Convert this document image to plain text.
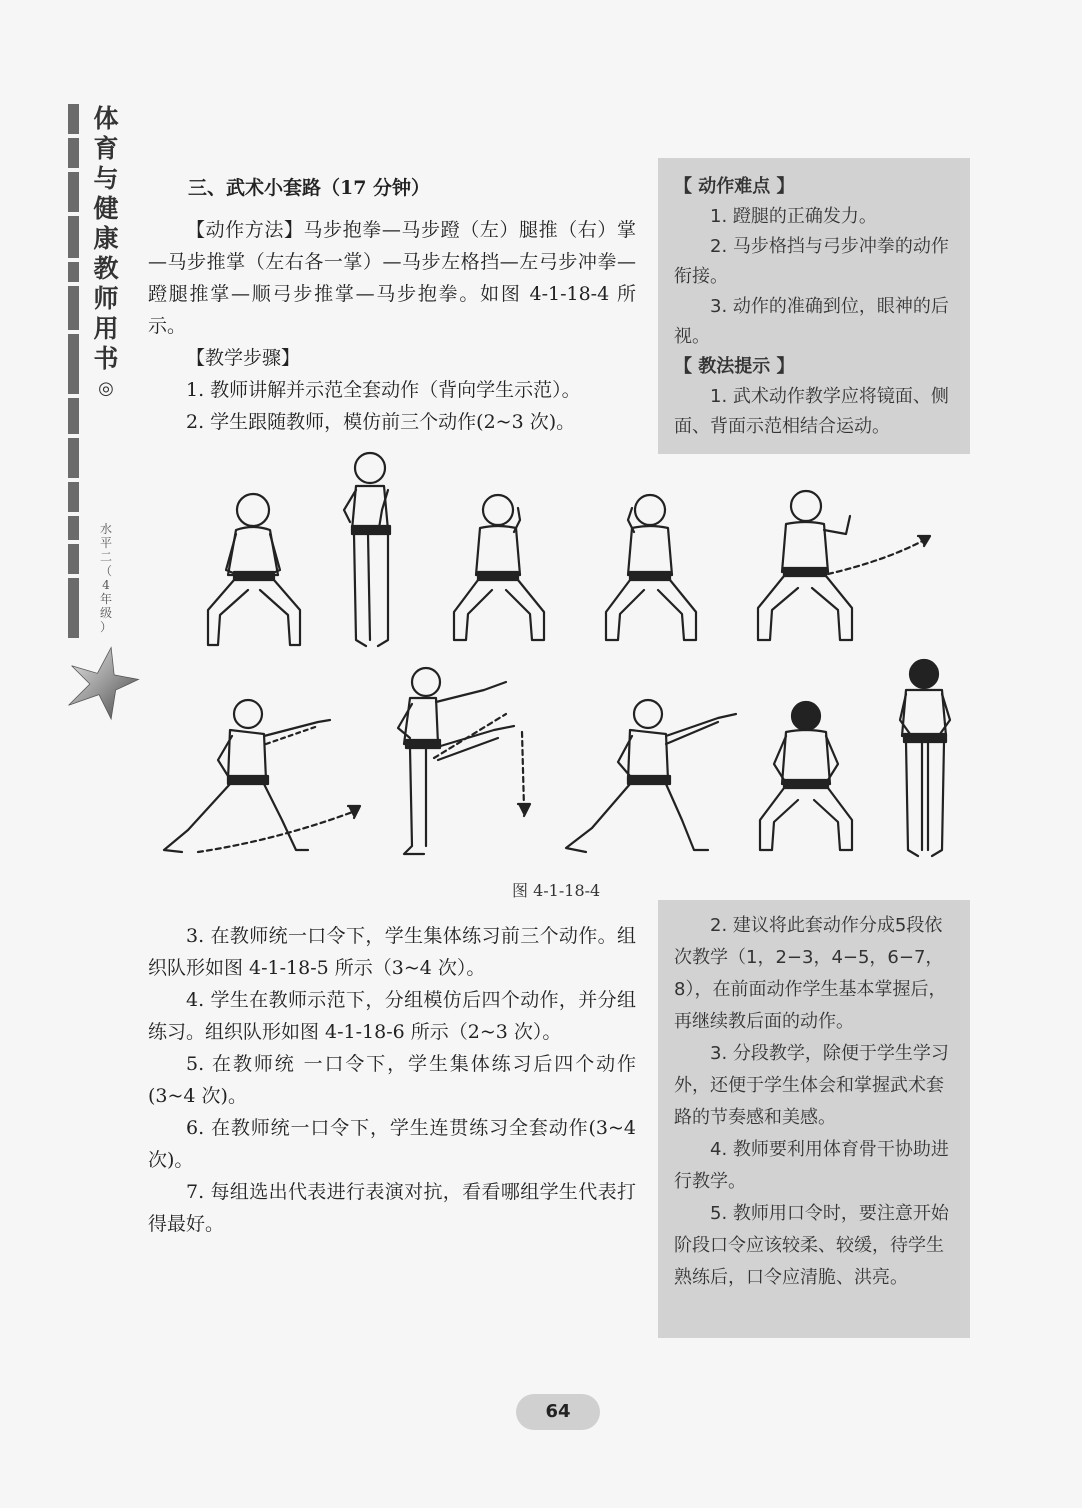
体
育
与
健
康
教
师
用
书
◎
水
平
二
（
4
年
级
）

三、武术小套路（17 分钟）

【动作方法】马步抱拳—马步蹬（左）腿推（右）掌—马步推掌（左右各一掌）—马步左格挡—左弓步冲拳—蹬腿推掌—顺弓步推掌—马步抱拳。如图 4-1-18-4 所示。

【教学步骤】

1. 教师讲解并示范全套动作（背向学生示范）。

2. 学生跟随教师，模仿前三个动作(2~3 次)。

【 动作难点 】

1. 蹬腿的正确发力。

2. 马步格挡与弓步冲拳的动作衔接。

3. 动作的准确到位，眼神的后视。

【 教法提示 】

1. 武术动作教学应将镜面、侧面、背面示范相结合运动。

图 4-1-18-4

3. 在教师统一口令下，学生集体练习前三个动作。组织队形如图 4-1-18-5 所示（3~4 次）。

4. 学生在教师示范下，分组模仿后四个动作，并分组练习。组织队形如图 4-1-18-6 所示（2~3 次）。

5. 在教师统 一口令下，学生集体练习后四个动作(3~4 次)。

6. 在教师统一口令下，学生连贯练习全套动作(3~4 次)。

7. 每组选出代表进行表演对抗，看看哪组学生代表打得最好。

2. 建议将此套动作分成5段依次教学（1，2−3，4−5，6−7，8），在前面动作学生基本掌握后，再继续教后面的动作。

3. 分段教学，除便于学生学习外，还便于学生体会和掌握武术套路的节奏感和美感。

4. 教师要利用体育骨干协助进行教学。

5. 教师用口令时，要注意开始阶段口令应该较柔、较缓，待学生熟练后，口令应清脆、洪亮。

64
